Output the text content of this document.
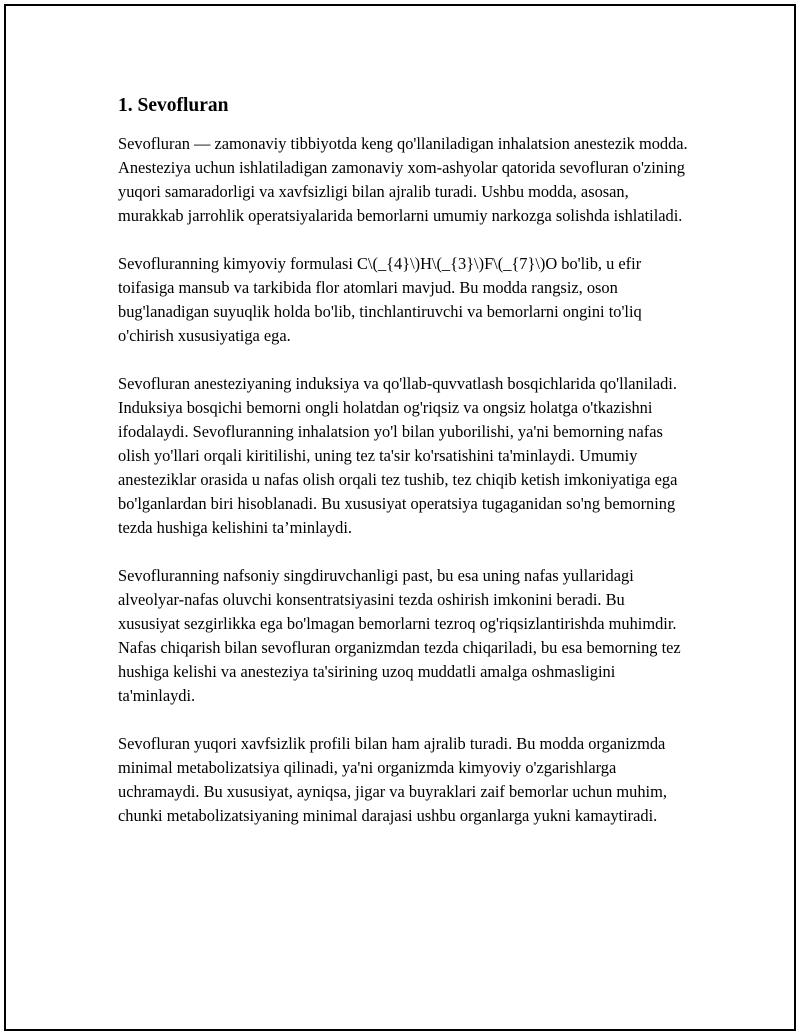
1. Sevofluran

Sevofluran — zamonaviy tibbiyotda keng qo'llaniladigan inhalatsion anestezik modda. Anesteziya uchun ishlatiladigan zamonaviy xom-ashyolar qatorida sevofluran o'zining yuqori samaradorligi va xavfsizligi bilan ajralib turadi. Ushbu modda, asosan, murakkab jarrohlik operatsiyalarida bemorlarni umumiy narkozga solishda ishlatiladi.

Sevofluranning kimyoviy formulasi C\(_{4}\)H\(_{3}\)F\(_{7}\)O bo'lib, u efir toifasiga mansub va tarkibida flor atomlari mavjud. Bu modda rangsiz, oson bug'lanadigan suyuqlik holda bo'lib, tinchlantiruvchi va bemorlarni ongini to'liq o'chirish xususiyatiga ega.

Sevofluran anesteziyaning induksiya va qo'llab-quvvatlash bosqichlarida qo'llaniladi. Induksiya bosqichi bemorni ongli holatdan og'riqsiz va ongsiz holatga o'tkazishni ifodalaydi. Sevofluranning inhalatsion yo'l bilan yuborilishi, ya'ni bemorning nafas olish yo'llari orqali kiritilishi, uning tez ta'sir ko'rsatishini ta'minlaydi. Umumiy anesteziklar orasida u nafas olish orqali tez tushib, tez chiqib ketish imkoniyatiga ega bo'lganlardan biri hisoblanadi. Bu xususiyat operatsiya tugaganidan so'ng bemorning tezda hushiga kelishini ta’minlaydi.

Sevofluranning nafsoniy singdiruvchanligi past, bu esa uning nafas yullaridagi alveolyar-nafas oluvchi konsentratsiyasini tezda oshirish imkonini beradi. Bu xususiyat sezgirlikka ega bo'lmagan bemorlarni tezroq og'riqsizlantirishda muhimdir. Nafas chiqarish bilan sevofluran organizmdan tezda chiqariladi, bu esa bemorning tez hushiga kelishi va anesteziya ta'sirining uzoq muddatli amalga oshmasligini ta'minlaydi.

Sevofluran yuqori xavfsizlik profili bilan ham ajralib turadi. Bu modda organizmda minimal metabolizatsiya qilinadi, ya'ni organizmda kimyoviy o'zgarishlarga uchramaydi. Bu xususiyat, ayniqsa, jigar va buyraklari zaif bemorlar uchun muhim, chunki metabolizatsiyaning minimal darajasi ushbu organlarga yukni kamaytiradi.
